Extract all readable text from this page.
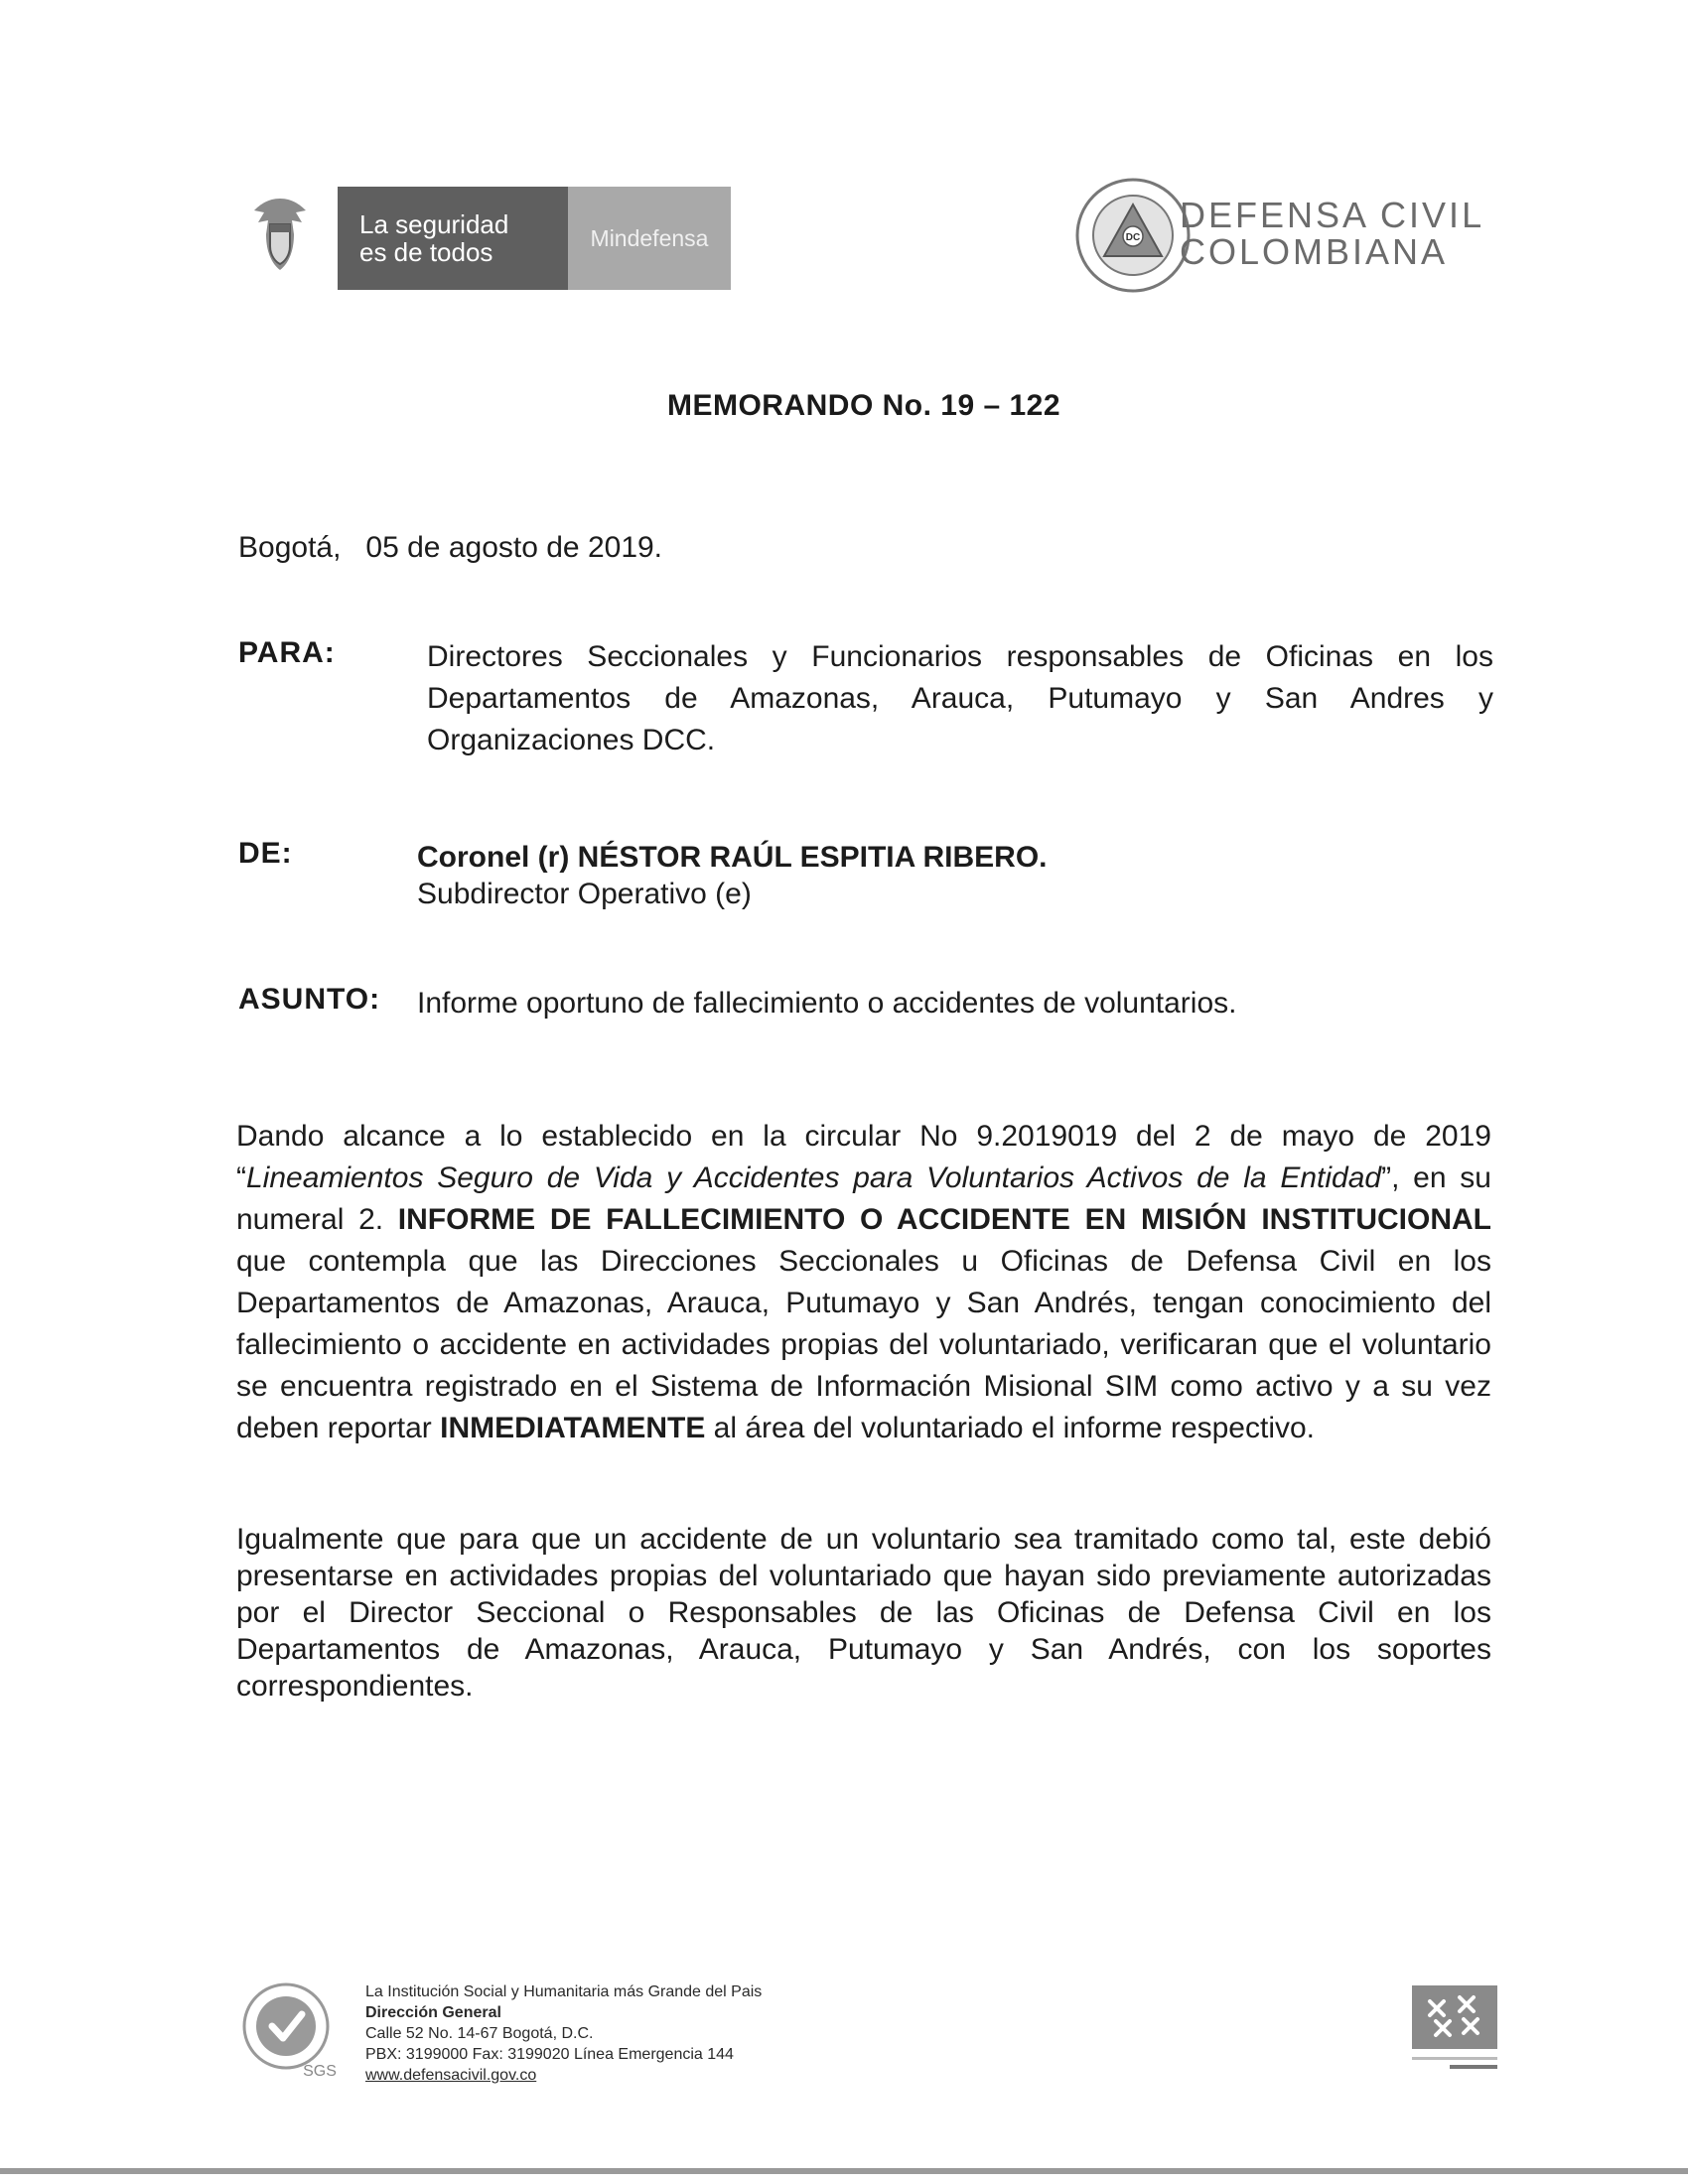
La seguridad
es de todos	Mindefensa	DC
DEFENSA CIVIL
COLOMBIANA
MEMORANDO No. 19 – 122
Bogotá,   05 de agosto de 2019.
PARA:	Directores Seccionales y Funcionarios responsables de Oficinas en los Departamentos de Amazonas, Arauca, Putumayo y San Andres y Organizaciones DCC.
DE:	Coronel (r) NÉSTOR RAÚL ESPITIA RIBERO.
Subdirector Operativo (e)
ASUNTO: Informe oportuno de fallecimiento o accidentes de voluntarios.
Dando alcance a lo establecido en la circular No 9.2019019 del 2 de mayo de 2019 “Lineamientos Seguro de Vida y Accidentes para Voluntarios Activos de la Entidad”, en su numeral 2. INFORME DE FALLECIMIENTO O ACCIDENTE EN MISIÓN INSTITUCIONAL que contempla que las Direcciones Seccionales u Oficinas de Defensa Civil en los Departamentos de Amazonas, Arauca, Putumayo y San Andrés, tengan conocimiento del fallecimiento o accidente en actividades propias del voluntariado, verificaran que el voluntario se encuentra registrado en el Sistema de Información Misional SIM como activo y a su vez deben reportar INMEDIATAMENTE al área del voluntariado el informe respectivo.
Igualmente que para que un accidente de un voluntario sea tramitado como tal, este debió presentarse en actividades propias del voluntariado que hayan sido previamente autorizadas por el Director Seccional o Responsables de las Oficinas de Defensa Civil en los Departamentos de Amazonas, Arauca, Putumayo y San Andrés, con los soportes correspondientes.
SGS
La Institución Social y Humanitaria más Grande del Pais
Dirección General
Calle 52 No. 14-67 Bogotá, D.C.
PBX: 3199000 Fax: 3199020 Línea Emergencia 144
www.defensacivil.gov.co
